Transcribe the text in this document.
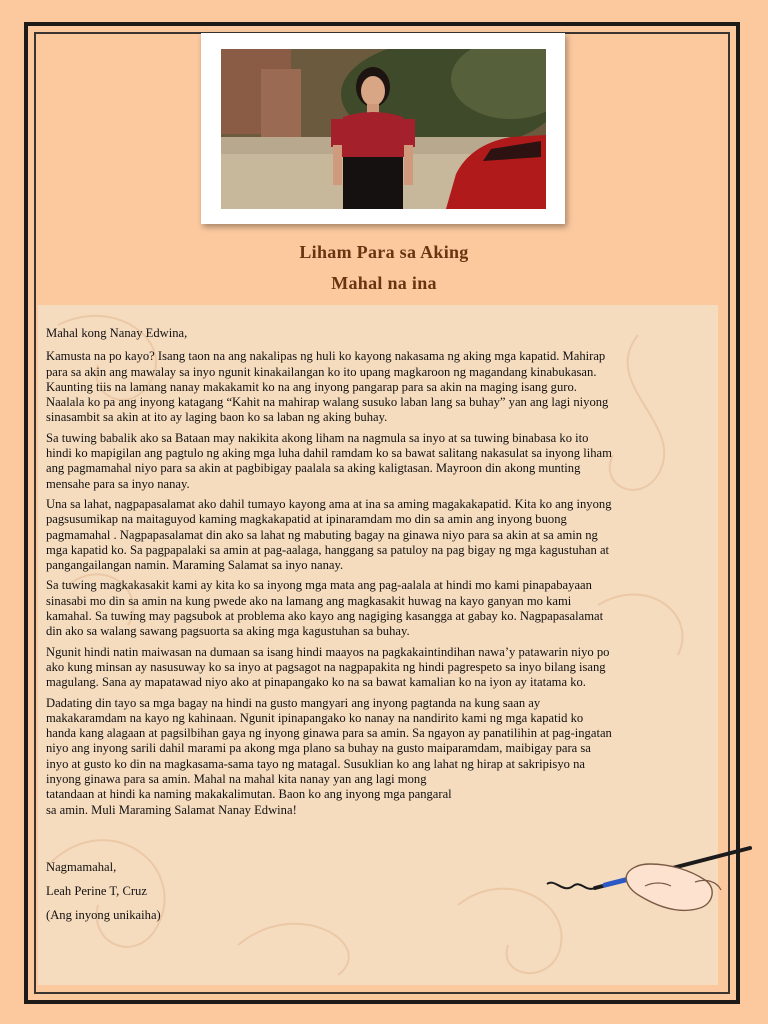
Liham Para sa Aking
Mahal na ina

Mahal kong Nanay Edwina,

Kamusta na po kayo? Isang taon na ang nakalipas ng huli ko kayong nakasama ng aking mga kapatid. Mahirap
para sa akin ang mawalay sa inyo ngunit kinakailangan ko ito upang magkaroon ng magandang kinabukasan.
Kaunting tiis na lamang nanay makakamit ko na ang inyong pangarap para sa akin na maging isang guro.
Naalala ko pa ang inyong katagang “Kahit na mahirap walang susuko laban lang sa buhay” yan ang lagi niyong
sinasambit sa akin at ito ay laging baon ko sa laban ng aking buhay.

Sa tuwing babalik ako sa Bataan may nakikita akong liham na nagmula sa inyo at sa tuwing binabasa ko ito
hindi ko mapigilan ang pagtulo ng aking mga luha dahil ramdam ko sa bawat salitang nakasulat sa inyong liham
ang pagmamahal niyo para sa akin at pagbibigay paalala sa aking kaligtasan. Mayroon din akong munting
mensahe para sa inyo nanay.

Una sa lahat, nagpapasalamat ako dahil tumayo kayong ama at ina sa aming magakakapatid. Kita ko ang inyong
pagsusumikap na maitaguyod kaming magkakapatid at ipinaramdam mo din sa amin ang inyong buong
pagmamahal . Nagpapasalamat din ako sa lahat ng mabuting bagay na ginawa niyo para sa akin at sa amin ng
mga kapatid ko. Sa pagpapalaki sa amin at pag-aalaga, hanggang sa patuloy na pag bigay ng mga kagustuhan at
pangangailangan namin. Maraming Salamat sa inyo nanay.

Sa tuwing magkakasakit kami ay kita ko sa inyong mga mata ang pag-aalala at hindi mo kami pinapabayaan
sinasabi mo din sa amin na kung pwede ako na lamang ang magkasakit huwag na kayo ganyan mo kami
kamahal. Sa tuwing may pagsubok at problema ako kayo ang nagiging kasangga at gabay ko. Nagpapasalamat
din ako sa walang sawang pagsuorta sa aking mga kagustuhan sa buhay.

Ngunit hindi natin maiwasan na dumaan sa isang hindi maayos na pagkakaintindihan nawa’y patawarin niyo po
ako kung minsan ay nasusuway ko sa inyo at pagsagot na nagpapakita ng hindi pagrespeto sa inyo bilang isang
magulang. Sana ay mapatawad niyo ako at pinapangako ko na sa bawat kamalian ko na iyon ay itatama ko.

Dadating din tayo sa mga bagay na hindi na gusto mangyari ang inyong pagtanda na kung saan ay
makakaramdam na kayo ng kahinaan. Ngunit ipinapangako ko nanay na nandirito kami ng mga kapatid ko
handa kang alagaan at pagsilbihan gaya ng inyong ginawa para sa amin. Sa ngayon ay panatilihin at pag-ingatan
niyo ang inyong sarili dahil marami pa akong mga plano sa buhay na gusto maiparamdam, maibigay para sa
inyo at gusto ko din na magkasama-sama tayo ng matagal. Susuklian ko ang lahat ng hirap at sakripisyo na
inyong ginawa para sa amin. Mahal na mahal kita nanay yan ang lagi mong
tatandaan at hindi ka naming makakalimutan. Baon ko ang inyong mga pangaral
sa amin. Muli Maraming Salamat Nanay Edwina!

Nagmamahal,
Leah Perine T, Cruz
(Ang inyong unikaiha)
